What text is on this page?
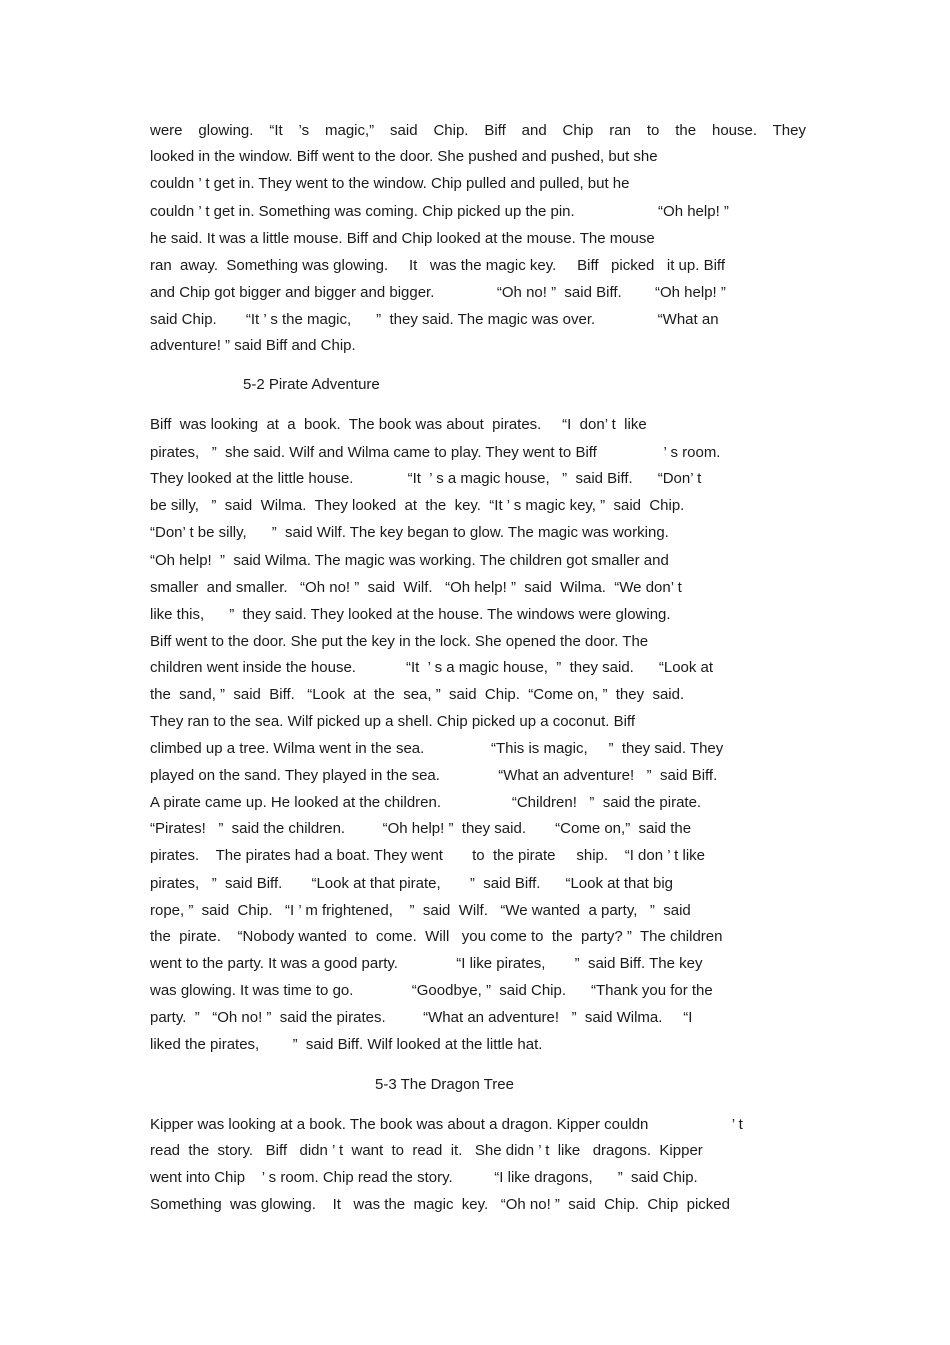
were glowing. “It ’s magic,” said Chip. Biff and Chip ran to the house. They
looked in the window. Biff went to the door. She pushed and pushed, but she
couldn ’ t get in. They went to the window. Chip pulled and pulled, but he
couldn ’ t get in. Something was coming. Chip picked up the pin.                    “Oh help! ”
he said. It was a little mouse. Biff and Chip looked at the mouse. The mouse
ran  away.  Something was glowing.     It   was the magic key.     Biff   picked   it up. Biff
and Chip got bigger and bigger and bigger.               “Oh no! ”  said Biff.        “Oh help! ”
said Chip.       “It ’ s the magic,      ”  they said. The magic was over.               “What an
adventure! ” said Biff and Chip.
5-2 Pirate Adventure
Biff  was looking  at  a  book.  The book was about  pirates.     “I  don’ t  like
pirates,   ”  she said. Wilf and Wilma came to play. They went to Biff                ’ s room.
They looked at the little house.             “It  ’ s a magic house,   ”  said Biff.      “Don’ t
be silly,   ”  said  Wilma.  They looked  at  the  key.  “It ’ s magic key, ”  said  Chip.
“Don’ t be silly,      ”  said Wilf. The key began to glow. The magic was working.
“Oh help!  ”  said Wilma. The magic was working. The children got smaller and
smaller  and smaller.   “Oh no! ”  said  Wilf.   “Oh help! ”  said  Wilma.  “We don’ t
like this,      ”  they said. They looked at the house. The windows were glowing.
Biff went to the door. She put the key in the lock. She opened the door. The
children went inside the house.            “It  ’ s a magic house,  ”  they said.      “Look at
the  sand, ”  said  Biff.   “Look  at  the  sea, ”  said  Chip.  “Come on, ”  they  said.
They ran to the sea. Wilf picked up a shell. Chip picked up a coconut. Biff
climbed up a tree. Wilma went in the sea.                “This is magic,     ”  they said. They
played on the sand. They played in the sea.              “What an adventure!   ”  said Biff.
A pirate came up. He looked at the children.                 “Children!   ”  said the pirate.
“Pirates!   ”  said the children.         “Oh help! ”  they said.       “Come on,”  said the
pirates.    The pirates had a boat. They went       to  the pirate     ship.    “I don ’ t like
pirates,   ”  said Biff.       “Look at that pirate,       ”  said Biff.      “Look at that big
rope, ”  said  Chip.   “I ’ m frightened,    ”  said  Wilf.   “We wanted  a party,   ”  said
the  pirate.    “Nobody wanted  to  come.  Will   you come to  the  party? ”  The children
went to the party. It was a good party.              “I like pirates,       ”  said Biff. The key
was glowing. It was time to go.              “Goodbye, ”  said Chip.      “Thank you for the
party.  ”   “Oh no! ”  said the pirates.         “What an adventure!   ”  said Wilma.     “I
liked the pirates,        ”  said Biff. Wilf looked at the little hat.
5-3 The Dragon Tree
Kipper was looking at a book. The book was about a dragon. Kipper couldn                    ’ t
read  the  story.   Biff   didn ’ t  want  to  read  it.   She didn ’ t  like   dragons.  Kipper
went into Chip    ’ s room. Chip read the story.          “I like dragons,      ”  said Chip.
Something  was glowing.    It   was the  magic  key.   “Oh no! ”  said  Chip.  Chip  picked
